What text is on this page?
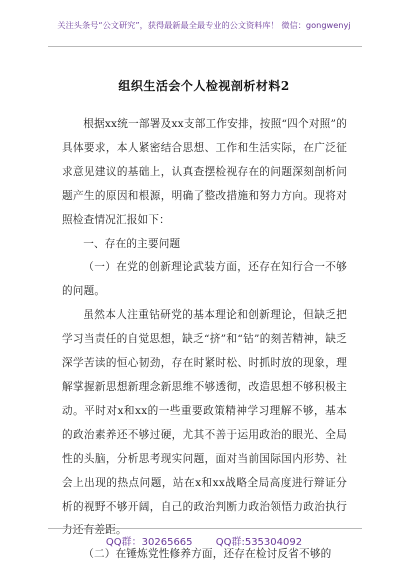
关注头条号“公文研究”，获得最新最全最专业的公文资料库！ 微信：gongwenyj
组织生活会个人检视剖析材料2

根据xx统一部署及xx支部工作安排，按照“四个对照”的具体要求，本人紧密结合思想、工作和生活实际，在广泛征求意见建议的基础上，认真查摆检视存在的问题深刻剖析问题产生的原因和根源，明确了整改措施和努力方向。现将对照检查情况汇报如下：

一、存在的主要问题

（一）在党的创新理论武装方面，还存在知行合一不够的问题。

虽然本人注重钻研党的基本理论和创新理论，但缺乏把学习当责任的自觉思想，缺乏“挤”和“钻”的刻苦精神，缺乏深学苦读的恒心韧劲，存在时紧时松、时抓时放的现象，理解掌握新思想新理念新思维不够透彻，改造思想不够积极主动。平时对x和xx的一些重要政策精神学习理解不够，基本的政治素养还不够过硬，尤其不善于运用政治的眼光、全局性的头脑，分析思考现实问题，面对当前国际国内形势、社会上出现的热点问题，站在x和xx战略全局高度进行辩证分析的视野不够开阔，自己的政治判断力政治领悟力政治执行力还有差距。

（二）在锤炼党性修养方面，还存在检讨反省不够的

QQ群：30265665 QQ群:535304092
